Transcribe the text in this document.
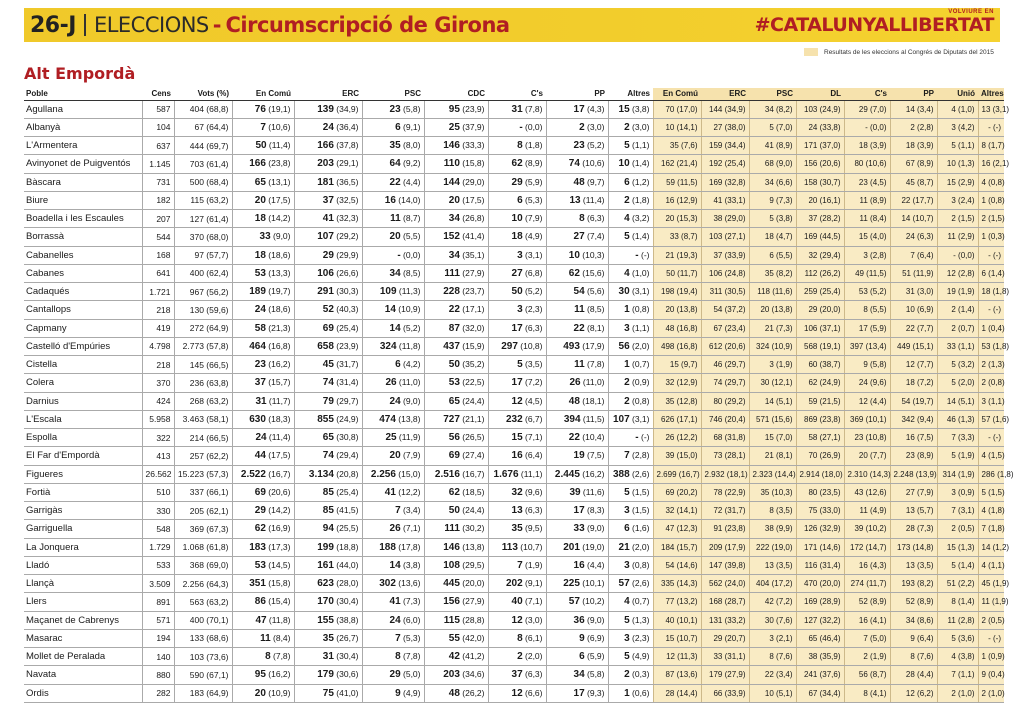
26-J ELECCIONS - Circumscripció de Girona
VOLVIURE EN
#CATALUNYALLIBERTAT
Resultats de les eleccions al Congrés de Diputats del 2015
Alt Empordà
Poble	Cens	Vots (%)	En Comú	ERC	PSC	CDC	C's	PP	Altres	En Comú	ERC	PSC	DL	C's	PP	Unió	Altres
Agullana	587	404 (68,8)	76 (19,1)	139 (34,9)	23 (5,8)	95 (23,9)	31 (7,8)	17 (4,3)	15 (3,8)	70 (17,0)	144 (34,9)	34 (8,2)	103 (24,9)	29 (7,0)	14 (3,4)	4 (1,0)	13 (3,1)
Albanyà	104	67 (64,4)	7 (10,6)	24 (36,4)	6 (9,1)	25 (37,9)	- (0,0)	2 (3,0)	2 (3,0)	10 (14,1)	27 (38,0)	5 (7,0)	24 (33,8)	- (0,0)	2 (2,8)	3 (4,2)	- (-)
L'Armentera	637	444 (69,7)	50 (11,4)	166 (37,8)	35 (8,0)	146 (33,3)	8 (1,8)	23 (5,2)	5 (1,1)	35 (7,6)	159 (34,4)	41 (8,9)	171 (37,0)	18 (3,9)	18 (3,9)	5 (1,1)	8 (1,7)
Avinyonet de Puigventós	1.145	703 (61,4)	166 (23,8)	203 (29,1)	64 (9,2)	110 (15,8)	62 (8,9)	74 (10,6)	10 (1,4)	162 (21,4)	192 (25,4)	68 (9,0)	156 (20,6)	80 (10,6)	67 (8,9)	10 (1,3)	16 (2,1)
Bàscara	731	500 (68,4)	65 (13,1)	181 (36,5)	22 (4,4)	144 (29,0)	29 (5,9)	48 (9,7)	6 (1,2)	59 (11,5)	169 (32,8)	34 (6,6)	158 (30,7)	23 (4,5)	45 (8,7)	15 (2,9)	4 (0,8)
Biure	182	115 (63,2)	20 (17,5)	37 (32,5)	16 (14,0)	20 (17,5)	6 (5,3)	13 (11,4)	2 (1,8)	16 (12,9)	41 (33,1)	9 (7,3)	20 (16,1)	11 (8,9)	22 (17,7)	3 (2,4)	1 (0,8)
Boadella i les Escaules	207	127 (61,4)	18 (14,2)	41 (32,3)	11 (8,7)	34 (26,8)	10 (7,9)	8 (6,3)	4 (3,2)	20 (15,3)	38 (29,0)	5 (3,8)	37 (28,2)	11 (8,4)	14 (10,7)	2 (1,5)	2 (1,5)
Borrassà	544	370 (68,0)	33 (9,0)	107 (29,2)	20 (5,5)	152 (41,4)	18 (4,9)	27 (7,4)	5 (1,4)	33 (8,7)	103 (27,1)	18 (4,7)	169 (44,5)	15 (4,0)	24 (6,3)	11 (2,9)	1 (0,3)
Cabanelles	168	97 (57,7)	18 (18,6)	29 (29,9)	- (0,0)	34 (35,1)	3 (3,1)	10 (10,3)	- (-)	21 (19,3)	37 (33,9)	6 (5,5)	32 (29,4)	3 (2,8)	7 (6,4)	- (0,0)	- (-)
Cabanes	641	400 (62,4)	53 (13,3)	106 (26,6)	34 (8,5)	111 (27,9)	27 (6,8)	62 (15,6)	4 (1,0)	50 (11,7)	106 (24,8)	35 (8,2)	112 (26,2)	49 (11,5)	51 (11,9)	12 (2,8)	6 (1,4)
Cadaqués	1.721	967 (56,2)	189 (19,7)	291 (30,3)	109 (11,3)	228 (23,7)	50 (5,2)	54 (5,6)	30 (3,1)	198 (19,4)	311 (30,5)	118 (11,6)	259 (25,4)	53 (5,2)	31 (3,0)	19 (1,9)	18 (1,8)
Cantallops	218	130 (59,6)	24 (18,6)	52 (40,3)	14 (10,9)	22 (17,1)	3 (2,3)	11 (8,5)	1 (0,8)	20 (13,8)	54 (37,2)	20 (13,8)	29 (20,0)	8 (5,5)	10 (6,9)	2 (1,4)	- (-)
Capmany	419	272 (64,9)	58 (21,3)	69 (25,4)	14 (5,2)	87 (32,0)	17 (6,3)	22 (8,1)	3 (1,1)	48 (16,8)	67 (23,4)	21 (7,3)	106 (37,1)	17 (5,9)	22 (7,7)	2 (0,7)	1 (0,4)
Castelló d'Empúries	4.798	2.773 (57,8)	464 (16,8)	658 (23,9)	324 (11,8)	437 (15,9)	297 (10,8)	493 (17,9)	56 (2,0)	498 (16,8)	612 (20,6)	324 (10,9)	568 (19,1)	397 (13,4)	449 (15,1)	33 (1,1)	53 (1,8)
Cistella	218	145 (66,5)	23 (16,2)	45 (31,7)	6 (4,2)	50 (35,2)	5 (3,5)	11 (7,8)	1 (0,7)	15 (9,7)	46 (29,7)	3 (1,9)	60 (38,7)	9 (5,8)	12 (7,7)	5 (3,2)	2 (1,3)
Colera	370	236 (63,8)	37 (15,7)	74 (31,4)	26 (11,0)	53 (22,5)	17 (7,2)	26 (11,0)	2 (0,9)	32 (12,9)	74 (29,7)	30 (12,1)	62 (24,9)	24 (9,6)	18 (7,2)	5 (2,0)	2 (0,8)
Darnius	424	268 (63,2)	31 (11,7)	79 (29,7)	24 (9,0)	65 (24,4)	12 (4,5)	48 (18,1)	2 (0,8)	35 (12,8)	80 (29,2)	14 (5,1)	59 (21,5)	12 (4,4)	54 (19,7)	14 (5,1)	3 (1,1)
L'Escala	5.958	3.463 (58,1)	630 (18,3)	855 (24,9)	474 (13,8)	727 (21,1)	232 (6,7)	394 (11,5)	107 (3,1)	626 (17,1)	746 (20,4)	571 (15,6)	869 (23,8)	369 (10,1)	342 (9,4)	46 (1,3)	57 (1,6)
Espolla	322	214 (66,5)	24 (11,4)	65 (30,8)	25 (11,9)	56 (26,5)	15 (7,1)	22 (10,4)	- (-)	26 (12,2)	68 (31,8)	15 (7,0)	58 (27,1)	23 (10,8)	16 (7,5)	7 (3,3)	- (-)
El Far d'Empordà	413	257 (62,2)	44 (17,5)	74 (29,4)	20 (7,9)	69 (27,4)	16 (6,4)	19 (7,5)	7 (2,8)	39 (15,0)	73 (28,1)	21 (8,1)	70 (26,9)	20 (7,7)	23 (8,9)	5 (1,9)	4 (1,5)
Figueres	26.562	15.223 (57,3)	2.522 (16,7)	3.134 (20,8)	2.256 (15,0)	2.516 (16,7)	1.676 (11,1)	2.445 (16,2)	388 (2,6)	2.699 (16,7)	2.932 (18,1)	2.323 (14,4)	2.914 (18,0)	2.310 (14,3)	2.248 (13,9)	314 (1,9)	286 (1,8)
Fortià	510	337 (66,1)	69 (20,6)	85 (25,4)	41 (12,2)	62 (18,5)	32 (9,6)	39 (11,6)	5 (1,5)	69 (20,2)	78 (22,9)	35 (10,3)	80 (23,5)	43 (12,6)	27 (7,9)	3 (0,9)	5 (1,5)
Garrigàs	330	205 (62,1)	29 (14,2)	85 (41,5)	7 (3,4)	50 (24,4)	13 (6,3)	17 (8,3)	3 (1,5)	32 (14,1)	72 (31,7)	8 (3,5)	75 (33,0)	11 (4,9)	13 (5,7)	7 (3,1)	4 (1,8)
Garriguella	548	369 (67,3)	62 (16,9)	94 (25,5)	26 (7,1)	111 (30,2)	35 (9,5)	33 (9,0)	6 (1,6)	47 (12,3)	91 (23,8)	38 (9,9)	126 (32,9)	39 (10,2)	28 (7,3)	2 (0,5)	7 (1,8)
La Jonquera	1.729	1.068 (61,8)	183 (17,3)	199 (18,8)	188 (17,8)	146 (13,8)	113 (10,7)	201 (19,0)	21 (2,0)	184 (15,7)	209 (17,9)	222 (19,0)	171 (14,6)	172 (14,7)	173 (14,8)	15 (1,3)	14 (1,2)
Lladó	533	368 (69,0)	53 (14,5)	161 (44,0)	14 (3,8)	108 (29,5)	7 (1,9)	16 (4,4)	3 (0,8)	54 (14,6)	147 (39,8)	13 (3,5)	116 (31,4)	16 (4,3)	13 (3,5)	5 (1,4)	4 (1,1)
Llançà	3.509	2.256 (64,3)	351 (15,8)	623 (28,0)	302 (13,6)	445 (20,0)	202 (9,1)	225 (10,1)	57 (2,6)	335 (14,3)	562 (24,0)	404 (17,2)	470 (20,0)	274 (11,7)	193 (8,2)	51 (2,2)	45 (1,9)
Llers	891	563 (63,2)	86 (15,4)	170 (30,4)	41 (7,3)	156 (27,9)	40 (7,1)	57 (10,2)	4 (0,7)	77 (13,2)	168 (28,7)	42 (7,2)	169 (28,9)	52 (8,9)	52 (8,9)	8 (1,4)	11 (1,9)
Maçanet de Cabrenys	571	400 (70,1)	47 (11,8)	155 (38,8)	24 (6,0)	115 (28,8)	12 (3,0)	36 (9,0)	5 (1,3)	40 (10,1)	131 (33,2)	30 (7,6)	127 (32,2)	16 (4,1)	34 (8,6)	11 (2,8)	2 (0,5)
Masarac	194	133 (68,6)	11 (8,4)	35 (26,7)	7 (5,3)	55 (42,0)	8 (6,1)	9 (6,9)	3 (2,3)	15 (10,7)	29 (20,7)	3 (2,1)	65 (46,4)	7 (5,0)	9 (6,4)	5 (3,6)	- (-)
Mollet de Peralada	140	103 (73,6)	8 (7,8)	31 (30,4)	8 (7,8)	42 (41,2)	2 (2,0)	6 (5,9)	5 (4,9)	12 (11,3)	33 (31,1)	8 (7,6)	38 (35,9)	2 (1,9)	8 (7,6)	4 (3,8)	1 (0,9)
Navata	880	590 (67,1)	95 (16,2)	179 (30,6)	29 (5,0)	203 (34,6)	37 (6,3)	34 (5,8)	2 (0,3)	87 (13,6)	179 (27,9)	22 (3,4)	241 (37,6)	56 (8,7)	28 (4,4)	7 (1,1)	9 (0,4)
Ordis	282	183 (64,9)	20 (10,9)	75 (41,0)	9 (4,9)	48 (26,2)	12 (6,6)	17 (9,3)	1 (0,6)	28 (14,4)	66 (33,9)	10 (5,1)	67 (34,4)	8 (4,1)	12 (6,2)	2 (1,0)	2 (1,0)
